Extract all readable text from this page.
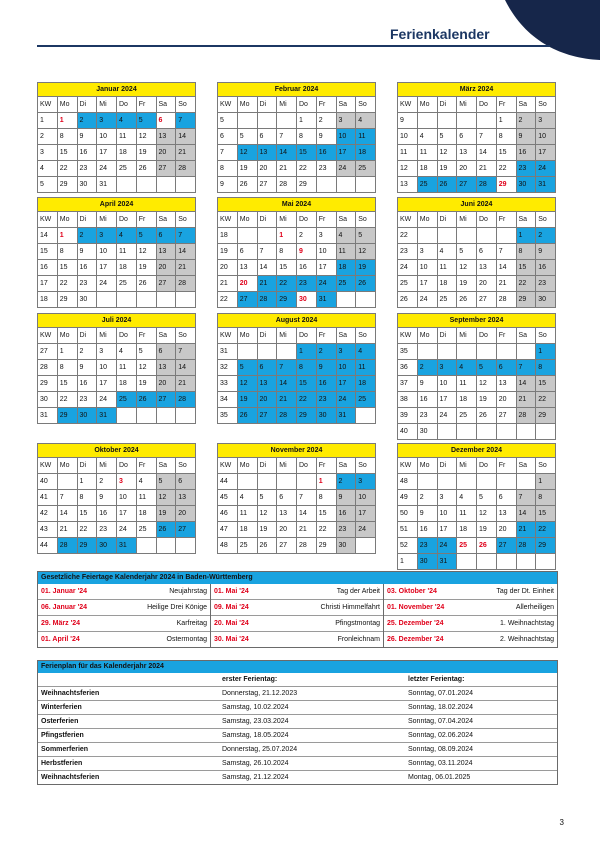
Ferienkalender
Januar 2024							
KW	Mo	Di	Mi	Do	Fr	Sa	So
1	1	2	3	4	5	6	7
2	8	9	10	11	12	13	14
3	15	16	17	18	19	20	21
4	22	23	24	25	26	27	28
5	29	30	31				
Februar 2024							
KW	Mo	Di	Mi	Do	Fr	Sa	So
5				1	2	3	4
6	5	6	7	8	9	10	11
7	12	13	14	15	16	17	18
8	19	20	21	22	23	24	25
9	26	27	28	29			
März 2024							
KW	Mo	Di	Mi	Do	Fr	Sa	So
9					1	2	3
10	4	5	6	7	8	9	10
11	11	12	13	14	15	16	17
12	18	19	20	21	22	23	24
13	25	26	27	28	29	30	31
April 2024							
KW	Mo	Di	Mi	Do	Fr	Sa	So
14	1	2	3	4	5	6	7
15	8	9	10	11	12	13	14
16	15	16	17	18	19	20	21
17	22	23	24	25	26	27	28
18	29	30					
Mai 2024							
KW	Mo	Di	Mi	Do	Fr	Sa	So
18			1	2	3	4	5
19	6	7	8	9	10	11	12
20	13	14	15	16	17	18	19
21	20	21	22	23	24	25	26
22	27	28	29	30	31		
Juni 2024							
KW	Mo	Di	Mi	Do	Fr	Sa	So
22						1	2
23	3	4	5	6	7	8	9
24	10	11	12	13	14	15	16
25	17	18	19	20	21	22	23
26	24	25	26	27	28	29	30
Juli 2024							
KW	Mo	Di	Mi	Do	Fr	Sa	So
27	1	2	3	4	5	6	7
28	8	9	10	11	12	13	14
29	15	16	17	18	19	20	21
30	22	23	24	25	26	27	28
31	29	30	31				
August 2024							
KW	Mo	Di	Mi	Do	Fr	Sa	So
31				1	2	3	4
32	5	6	7	8	9	10	11
33	12	13	14	15	16	17	18
34	19	20	21	22	23	24	25
35	26	27	28	29	30	31	
September 2024							
KW	Mo	Di	Mi	Do	Fr	Sa	So
35							1
36	2	3	4	5	6	7	8
37	9	10	11	12	13	14	15
38	16	17	18	19	20	21	22
39	23	24	25	26	27	28	29
40	30						
Oktober 2024							
KW	Mo	Di	Mi	Do	Fr	Sa	So
40		1	2	3	4	5	6
41	7	8	9	10	11	12	13
42	14	15	16	17	18	19	20
43	21	22	23	24	25	26	27
44	28	29	30	31			
November 2024							
KW	Mo	Di	Mi	Do	Fr	Sa	So
44					1	2	3
45	4	5	6	7	8	9	10
46	11	12	13	14	15	16	17
47	18	19	20	21	22	23	24
48	25	26	27	28	29	30	
Dezember 2024							
KW	Mo	Di	Mi	Do	Fr	Sa	So
48							1
49	2	3	4	5	6	7	8
50	9	10	11	12	13	14	15
51	16	17	18	19	20	21	22
52	23	24	25	26	27	28	29
1	30	31					
Gesetzliche Feiertage Kalenderjahr 2024 in Baden-Württemberg
01. Januar '24	Neujahrstag
06. Januar '24	Heilige Drei Könige
29. März '24	Karfreitag
01. April '24	Ostermontag
01. Mai '24	Tag der Arbeit
09. Mai '24	Christi Himmelfahrt
20. Mai '24	Pfingstmontag
30. Mai '24	Fronleichnam
03. Oktober '24	Tag der Dt. Einheit
01. November '24	Allerheiligen
25. Dezember '24	1. Weihnachtstag
26. Dezember '24	2. Weihnachtstag
Ferienplan für das Kalenderjahr 2024
	erster Ferientag:	letzter Ferientag:
Weihnachtsferien	Donnerstag, 21.12.2023	Sonntag, 07.01.2024
Winterferien	Samstag, 10.02.2024	Sonntag, 18.02.2024
Osterferien	Samstag, 23.03.2024	Sonntag, 07.04.2024
Pfingstferien	Samstag, 18.05.2024	Sonntag, 02.06.2024
Sommerferien	Donnerstag, 25.07.2024	Sonntag, 08.09.2024
Herbstferien	Samstag, 26.10.2024	Sonntag, 03.11.2024
Weihnachtsferien	Samstag, 21.12.2024	Montag, 06.01.2025
3
